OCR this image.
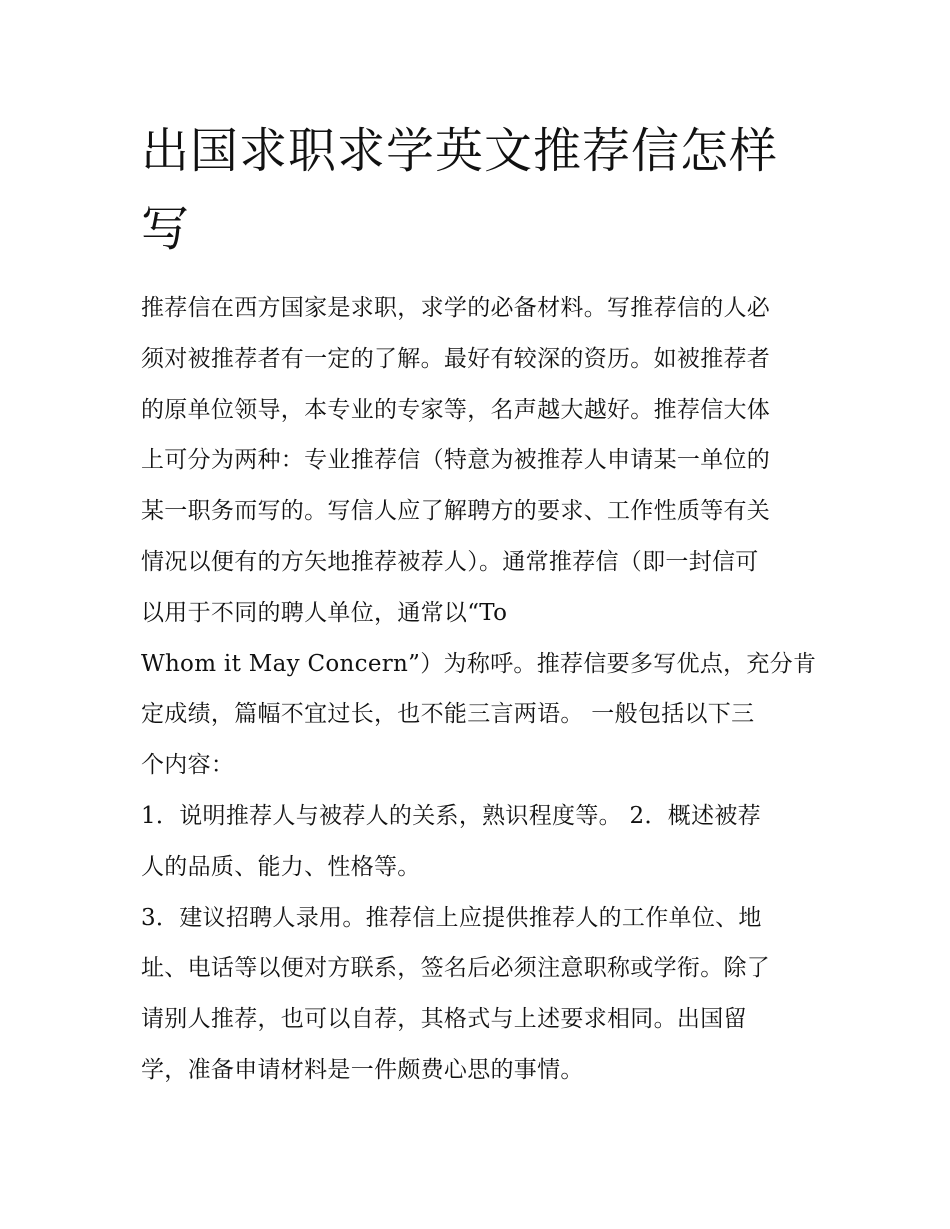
出国求职求学英文推荐信怎样
写

推荐信在西方国家是求职，求学的必备材料。写推荐信的人必
须对被推荐者有一定的了解。最好有较深的资历。如被推荐者
的原单位领导，本专业的专家等，名声越大越好。推荐信大体
上可分为两种：专业推荐信（特意为被推荐人申请某一单位的
某一职务而写的。写信人应了解聘方的要求、工作性质等有关
情况以便有的方矢地推荐被荐人）。通常推荐信（即一封信可
以用于不同的聘人单位，通常以“To
Whom it May Concern”）为称呼。推荐信要多写优点，充分肯
定成绩，篇幅不宜过长，也不能三言两语。 一般包括以下三
个内容：

1．说明推荐人与被荐人的关系，熟识程度等。 2．概述被荐
人的品质、能力、性格等。

3．建议招聘人录用。推荐信上应提供推荐人的工作单位、地
址、电话等以便对方联系，签名后必须注意职称或学衔。除了
请别人推荐，也可以自荐，其格式与上述要求相同。出国留
学，准备申请材料是一件颇费心思的事情。
